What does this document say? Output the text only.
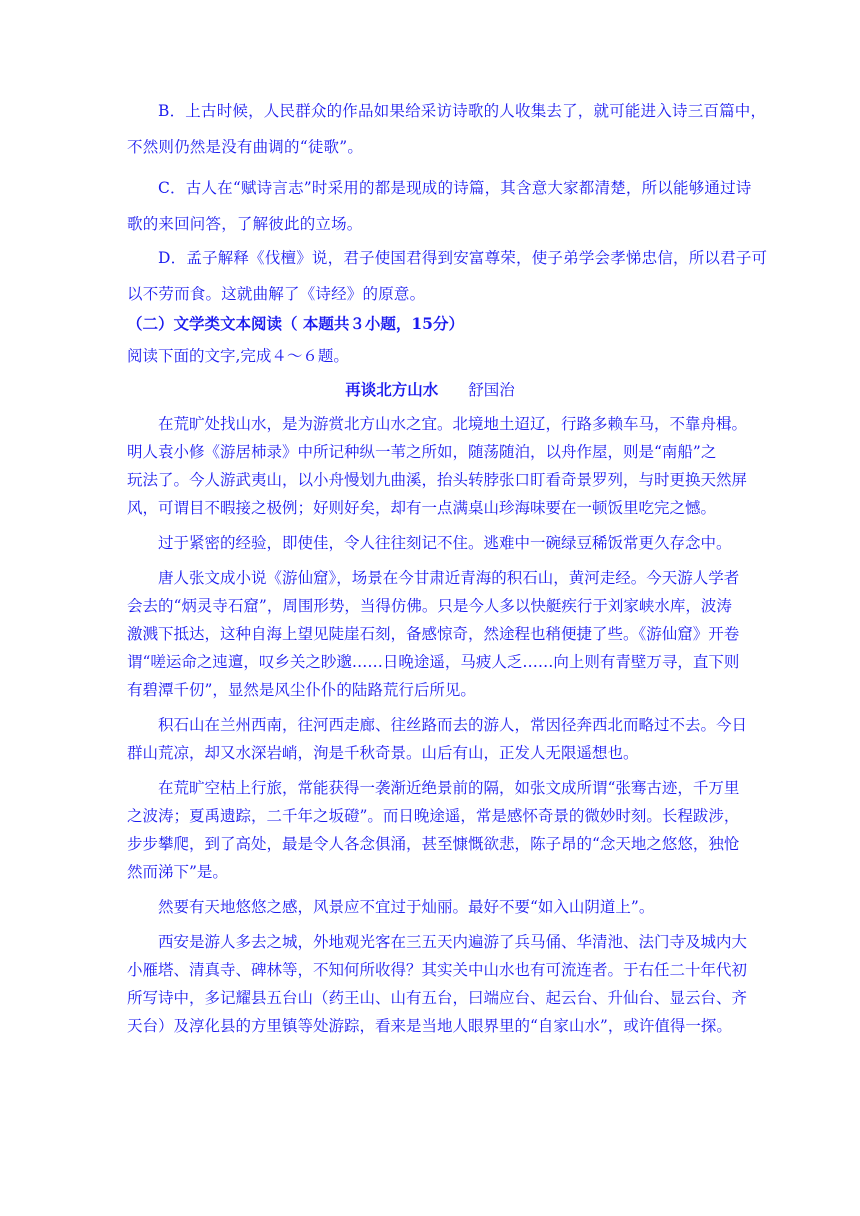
B．上古时候，人民群众的作品如果给采访诗歌的人收集去了，就可能进入诗三百篇中，
不然则仍然是没有曲调的“徒歌”。
C．古人在“赋诗言志”时采用的都是现成的诗篇，其含意大家都清楚，所以能够通过诗
歌的来回问答，了解彼此的立场。
D．孟子解释《伐檀》说，君子使国君得到安富尊荣，使子弟学会孝悌忠信，所以君子可
以不劳而食。这就曲解了《诗经》的原意。
（二）文学类文本阅读（ 本题共３小题，15分）
阅读下面的文字,完成４～６题。
再谈北方山水 舒国治
在荒旷处找山水，是为游赏北方山水之宜。北境地土迢辽，行路多赖车马，不靠舟楫。
明人袁小修《游居杮录》中所记种纵一苇之所如，随荡随泊，以舟作屋，则是“南船”之
玩法了。今人游武夷山，以小舟慢划九曲溪，抬头转脖张口盯看奇景罗列，与时更换天然屏
风，可谓目不暇接之极例；好则好矣，却有一点满桌山珍海味要在一顿饭里吃完之憾。
过于紧密的经验，即使佳，令人往往刻记不住。逃难中一碗绿豆稀饭常更久存念中。
唐人张文成小说《游仙窟》，场景在今甘肃近青海的积石山，黄河走经。今天游人学者
会去的“炳灵寺石窟”，周围形势，当得仿佛。只是今人多以快艇疾行于刘家峡水库，波涛
激溅下抵达，这种自海上望见陡崖石刻，备感惊奇，然途程也稍便捷了些。《游仙窟》开卷
谓“嗟运命之迍邅，叹乡关之眇邈……日晚途遥，马疲人乏……向上则有青壁万寻，直下则
有碧潭千仞”，显然是风尘仆仆的陆路荒行后所见。
积石山在兰州西南，往河西走廊、往丝路而去的游人，常因径奔西北而略过不去。今日
群山荒凉，却又水深岩峭，洵是千秋奇景。山后有山，正发人无限遥想也。
在荒旷空枯上行旅，常能获得一袭渐近绝景前的隔，如张文成所谓“张骞古迹，千万里
之波涛；夏禹遗踪，二千年之坂磴”。而日晚途遥，常是感怀奇景的微妙时刻。长程跋涉，
步步攀爬，到了高处，最是令人各念俱涌，甚至慷慨欲悲，陈子昂的“念天地之悠悠，独怆
然而涕下”是。
然要有天地悠悠之感，风景应不宜过于灿丽。最好不要“如入山阴道上”。
西安是游人多去之城，外地观光客在三五天内遍游了兵马俑、华清池、法门寺及城内大
小雁塔、清真寺、碑林等，不知何所收得？其实关中山水也有可流连者。于右任二十年代初
所写诗中，多记耀县五台山（药王山、山有五台，曰端应台、起云台、升仙台、显云台、齐
天台）及淳化县的方里镇等处游踪，看来是当地人眼界里的“自家山水”，或许值得一探。
